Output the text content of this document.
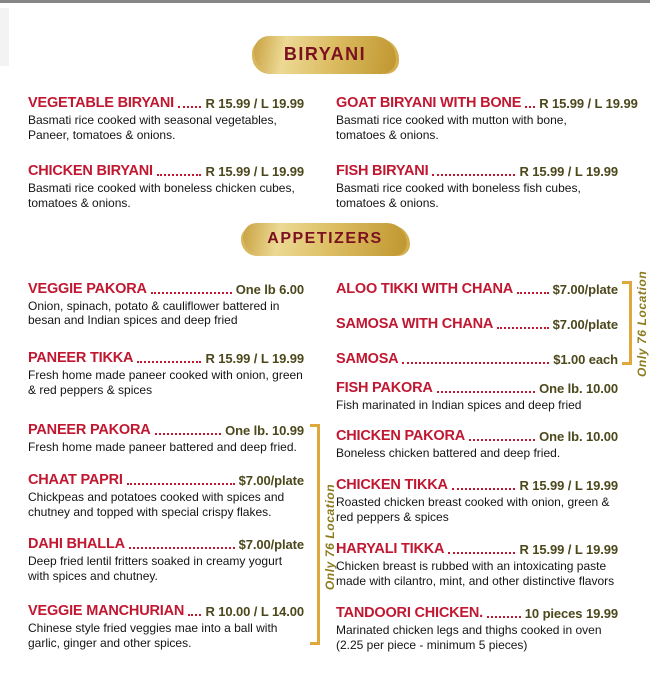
BIRYANI
VEGETABLE BIRYANI R 15.99 / L 19.99
Basmati rice cooked with seasonal vegetables, Paneer, tomatoes & onions.
CHICKEN BIRYANI	R 15.99 / L 19.99
Basmati rice cooked with boneless chicken cubes, tomatoes & onions.
GOAT BIRYANI WITH BONE R 15.99 / L 19.99
Basmati rice cooked with mutton with bone, tomatoes & onions.
FISH BIRYANI	R 15.99 / L 19.99
Basmati rice cooked with boneless fish cubes, tomatoes & onions.
APPETIZERS
VEGGIE PAKORA	One lb 6.00
Onion, spinach, potato & cauliflower battered in besan and Indian spices and deep fried
PANEER TIKKA	R 15.99 / L 19.99
Fresh home made paneer cooked with onion, green & red peppers & spices
Only 76 Location
PANEER PAKORA	One lb. 10.99
Fresh home made paneer battered and deep fried.
CHAAT PAPRI	$7.00/plate
Chickpeas and potatoes cooked with spices and chutney and topped with special crispy flakes.
DAHI BHALLA	$7.00/plate
Deep fried lentil fritters soaked in creamy yogurt with spices and chutney.
VEGGIE MANCHURIAN R 10.00 / L 14.00
Chinese style fried veggies mae into a ball with garlic, ginger and other spices.
Only 76 Location
ALOO TIKKI WITH CHANA	$7.00/plate
SAMOSA WITH CHANA	$7.00/plate
SAMOSA	$1.00 each
FISH PAKORA	One lb. 10.00
Fish marinated in Indian spices and deep fried
CHICKEN PAKORA	One lb. 10.00
Boneless chicken battered and deep fried.
CHICKEN TIKKA	R 15.99 / L 19.99
Roasted chicken breast cooked with onion, green & red peppers & spices
HARYALI TIKKA	R 15.99 / L 19.99
Chicken breast is rubbed with an intoxicating paste made with cilantro, mint, and other distinctive flavors
TANDOORI CHICKEN.	10 pieces 19.99
Marinated chicken legs and thighs cooked in oven (2.25 per piece - minimum 5 pieces)
